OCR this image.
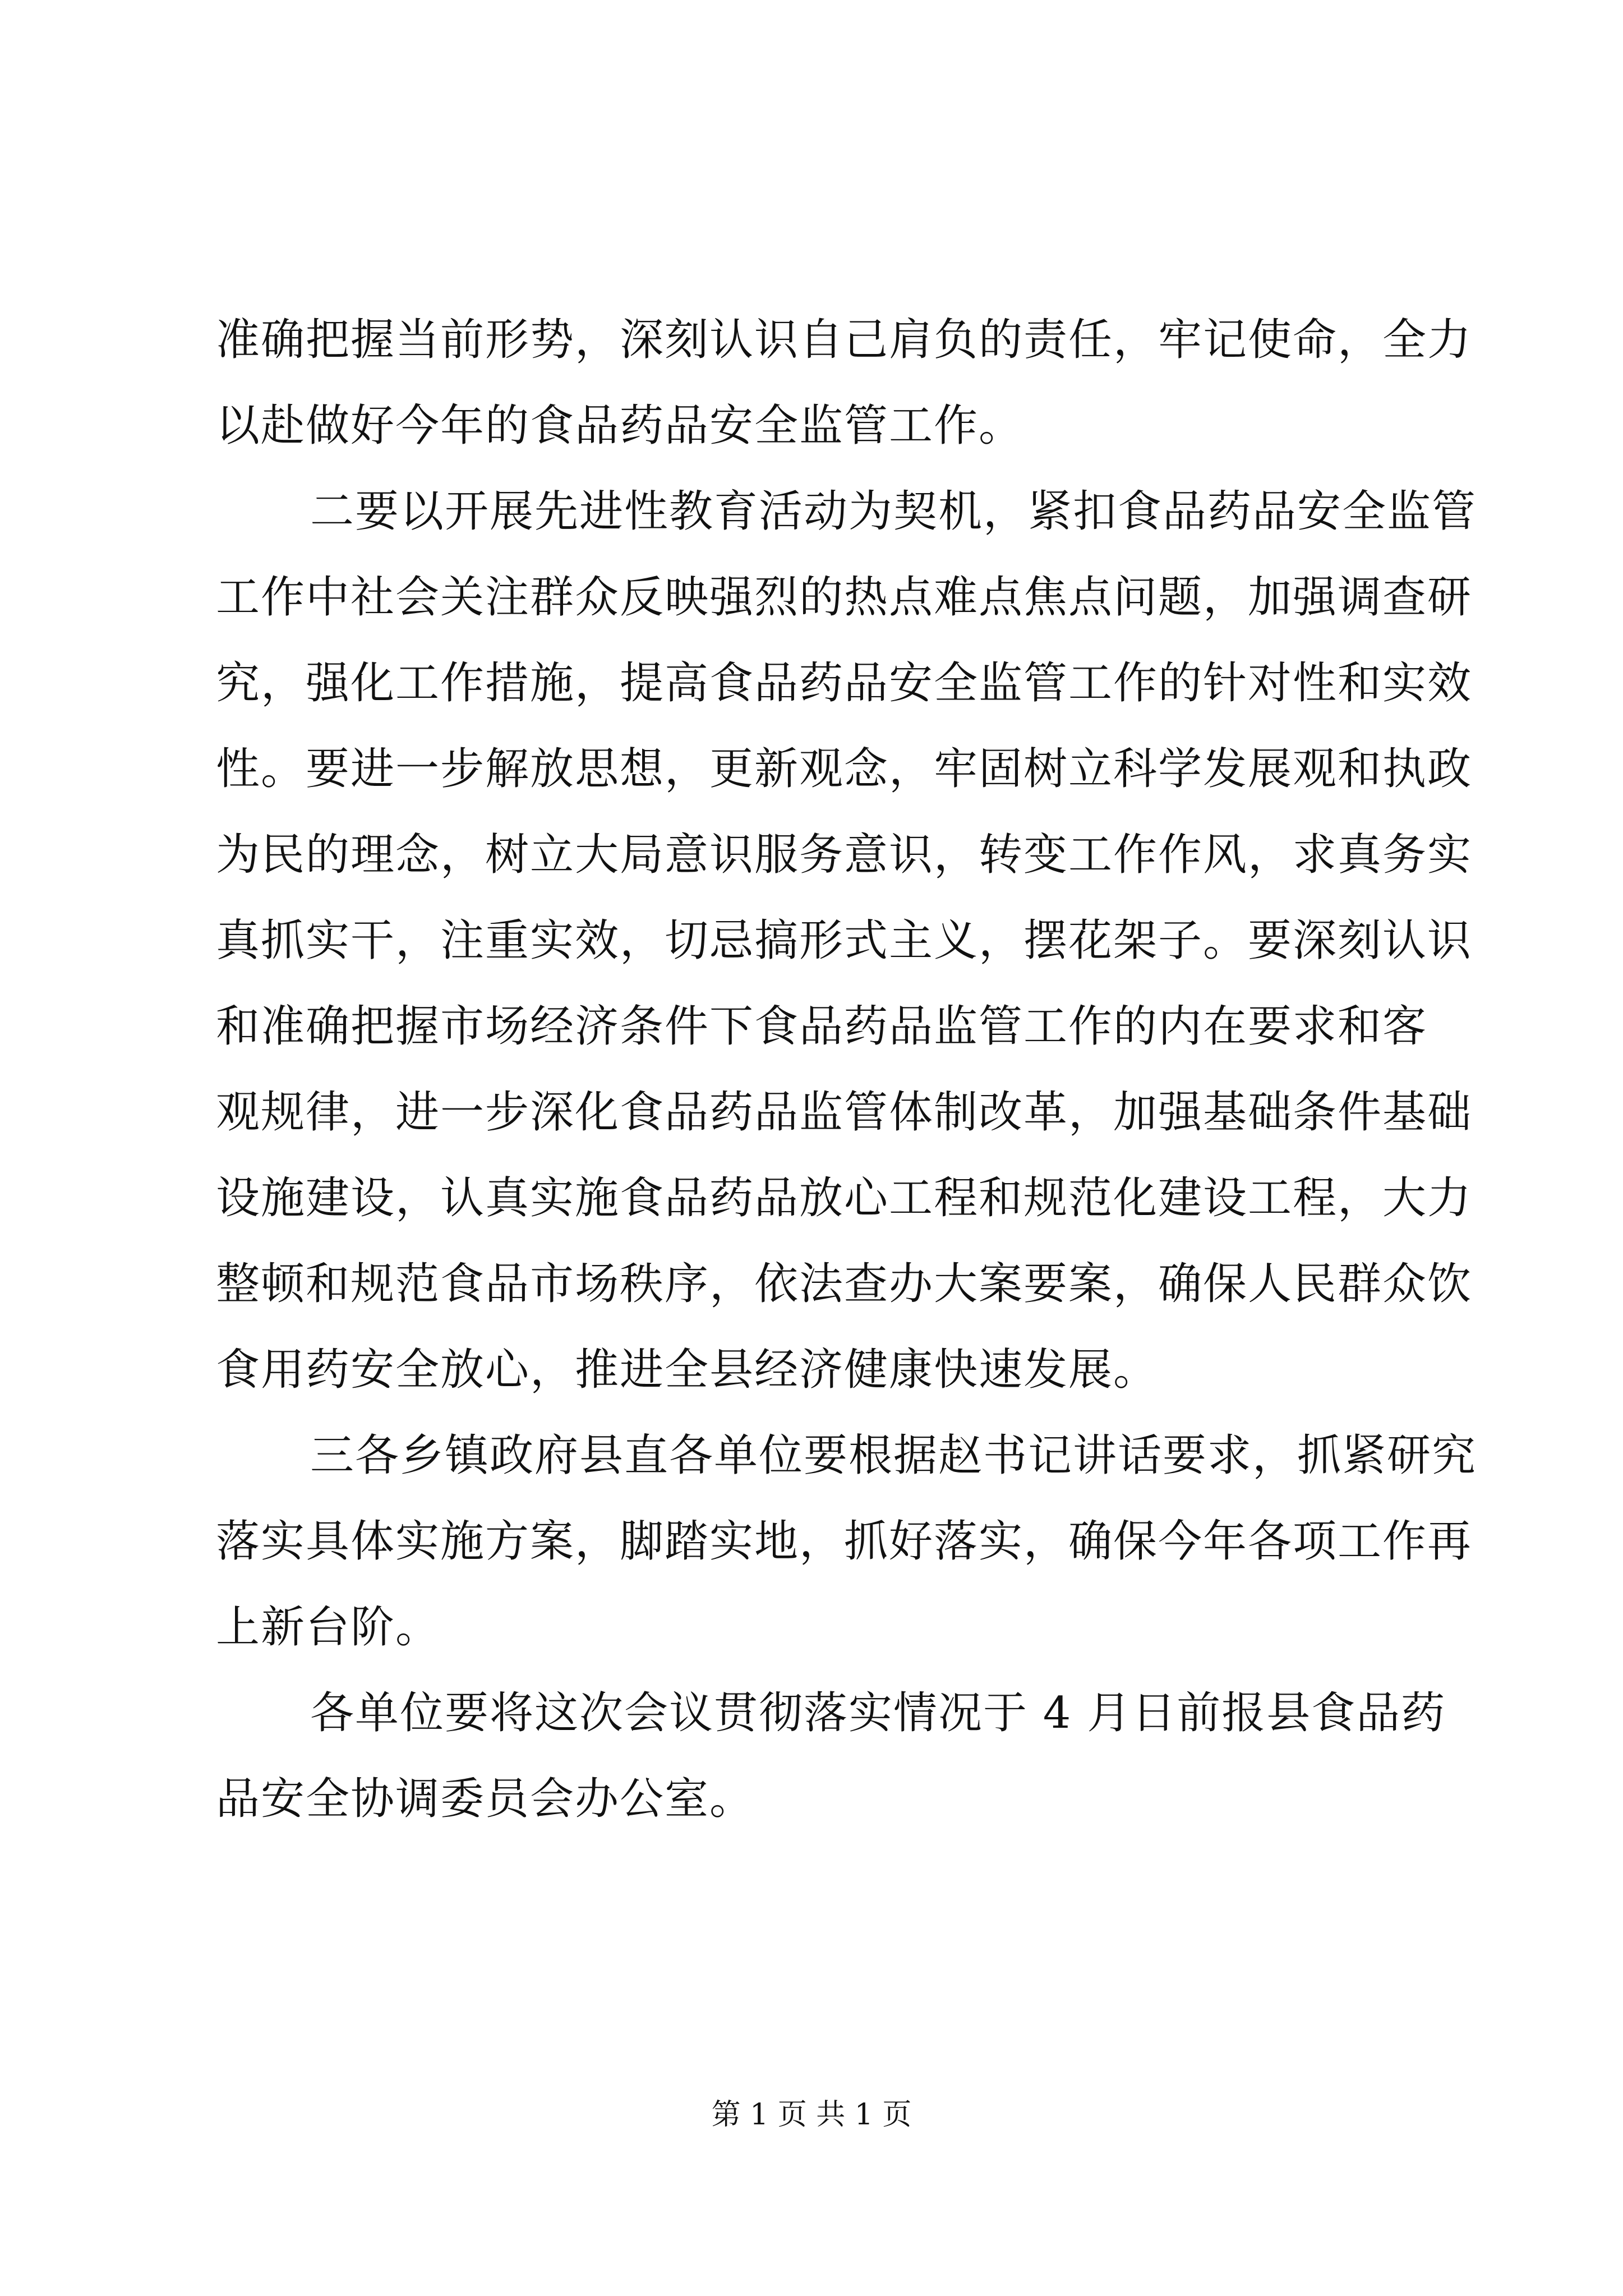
准确把握当前形势，深刻认识自己肩负的责任，牢记使命，全力
以赴做好今年的食品药品安全监管工作。
二要以开展先进性教育活动为契机，紧扣食品药品安全监管
工作中社会关注群众反映强烈的热点难点焦点问题，加强调查研
究，强化工作措施，提高食品药品安全监管工作的针对性和实效
性。要进一步解放思想，更新观念，牢固树立科学发展观和执政
为民的理念，树立大局意识服务意识，转变工作作风，求真务实
真抓实干，注重实效，切忌搞形式主义，摆花架子。要深刻认识
和准确把握市场经济条件下食品药品监管工作的内在要求和客
观规律，进一步深化食品药品监管体制改革，加强基础条件基础
设施建设，认真实施食品药品放心工程和规范化建设工程，大力
整顿和规范食品市场秩序，依法查办大案要案，确保人民群众饮
食用药安全放心，推进全县经济健康快速发展。
三各乡镇政府县直各单位要根据赵书记讲话要求，抓紧研究
落实具体实施方案，脚踏实地，抓好落实，确保今年各项工作再
上新台阶。
各单位要将这次会议贯彻落实情况于 4 月日前报县食品药
品安全协调委员会办公室。
第 1 页 共 1 页
